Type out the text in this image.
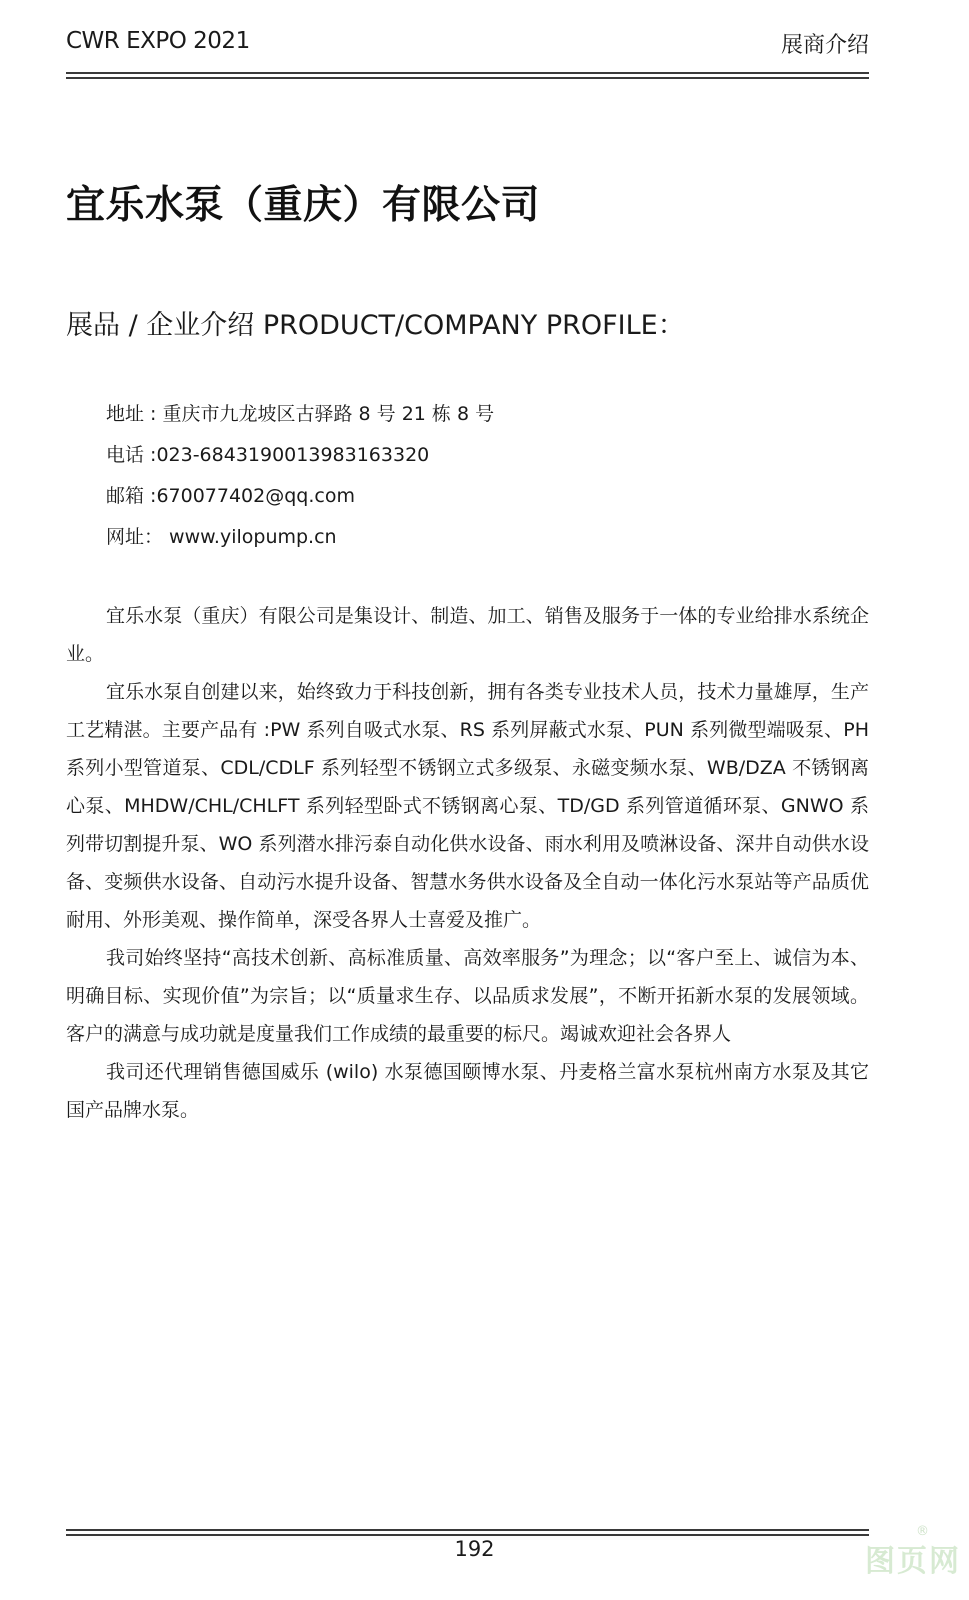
CWR EXPO 2021	展商介绍
宜乐水泵（重庆）有限公司
展品 / 企业介绍 PRODUCT/COMPANY PROFILE：
地址 : 重庆市九龙坡区古驿路 8 号 21 栋 8 号
电话 :023-6843190013983163320
邮箱 :670077402@qq.com
网址： www.yilopump.cn

宜乐水泵（重庆）有限公司是集设计、制造、加工、销售及服务于一体的专业给排水系统企业。

宜乐水泵自创建以来，始终致力于科技创新，拥有各类专业技术人员，技术力量雄厚，生产工艺精湛。主要产品有 :PW 系列自吸式水泵、RS 系列屏蔽式水泵、PUN 系列微型端吸泵、PH 系列小型管道泵、CDL/CDLF 系列轻型不锈钢立式多级泵、永磁变频水泵、WB/DZA 不锈钢离心泵、MHDW/CHL/CHLFT 系列轻型卧式不锈钢离心泵、TD/GD 系列管道循环泵、GNWO 系列带切割提升泵、WO 系列潜水排污泰自动化供水设备、雨水利用及喷淋设备、深井自动供水设备、变频供水设备、自动污水提升设备、智慧水务供水设备及全自动一体化污水泵站等产品质优耐用、外形美观、操作简单，深受各界人士喜爱及推广。

我司始终坚持“高技术创新、高标准质量、高效率服务”为理念；以“客户至上、诚信为本、明确目标、实现价值”为宗旨；以“质量求生存、以品质求发展”，不断开拓新水泵的发展领域。客户的满意与成功就是度量我们工作成绩的最重要的标尺。竭诚欢迎社会各界人

我司还代理销售德国威乐 (wilo) 水泵德国颐博水泵、丹麦格兰富水泵杭州南方水泵及其它国产品牌水泵。

192	图页网
®
